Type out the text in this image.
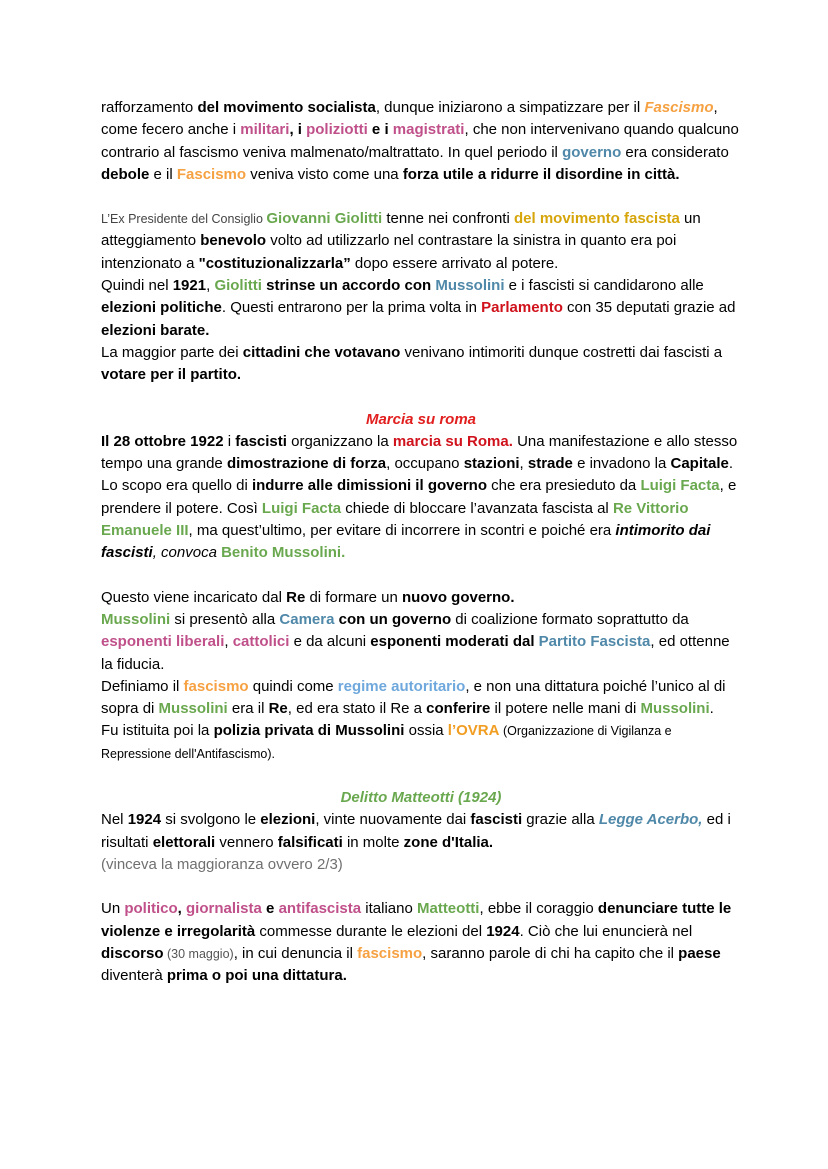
rafforzamento del movimento socialista, dunque iniziarono a simpatizzare per il Fascismo, come fecero anche i militari, i poliziotti e i magistrati, che non intervenivano quando qualcuno contrario al fascismo veniva malmenato/maltrattato. In quel periodo il governo era considerato debole e il Fascismo veniva visto come una forza utile a ridurre il disordine in città.

L’Ex Presidente del Consiglio Giovanni Giolitti tenne nei confronti del movimento fascista un atteggiamento benevolo volto ad utilizzarlo nel contrastare la sinistra in quanto era poi intenzionato a "costituzionalizzarla” dopo essere arrivato al potere.

Quindi nel 1921, Giolitti strinse un accordo con Mussolini e i fascisti si candidarono alle elezioni politiche. Questi entrarono per la prima volta in Parlamento con 35 deputati grazie ad elezioni barate.

La maggior parte dei cittadini che votavano venivano intimoriti dunque costretti dai fascisti a votare per il partito.

Marcia su roma

Il 28 ottobre 1922 i fascisti organizzano la marcia su Roma. Una manifestazione e allo stesso tempo una grande dimostrazione di forza, occupano stazioni, strade e invadono la Capitale. Lo scopo era quello di indurre alle dimissioni il governo che era presieduto da Luigi Facta, e prendere il potere. Così Luigi Facta chiede di bloccare l’avanzata fascista al Re Vittorio Emanuele III, ma quest’ultimo, per evitare di incorrere in scontri e poiché era intimorito dai fascisti, convoca Benito Mussolini.

Questo viene incaricato dal Re di formare un nuovo governo.

Mussolini si presentò alla Camera con un governo di coalizione formato soprattutto da esponenti liberali, cattolici e da alcuni esponenti moderati dal Partito Fascista, ed ottenne la fiducia.

Definiamo il fascismo quindi come regime autoritario, e non una dittatura poiché l’unico al di sopra di Mussolini era il Re, ed era stato il Re a conferire il potere nelle mani di Mussolini.

Fu istituita poi la polizia privata di Mussolini ossia l’OVRA (Organizzazione di Vigilanza e Repressione dell'Antifascismo).

Delitto Matteotti (1924)

Nel 1924 si svolgono le elezioni, vinte nuovamente dai fascisti grazie alla Legge Acerbo, ed i risultati elettorali vennero falsificati in molte zone d'Italia.

(vinceva la maggioranza ovvero 2/3)

Un politico, giornalista e antifascista italiano Matteotti, ebbe il coraggio denunciare tutte le violenze e irregolarità commesse durante le elezioni del 1924. Ciò che lui enuncierà nel discorso (30 maggio), in cui denuncia il fascismo, saranno parole di chi ha capito che il paese diventerà prima o poi una dittatura.
